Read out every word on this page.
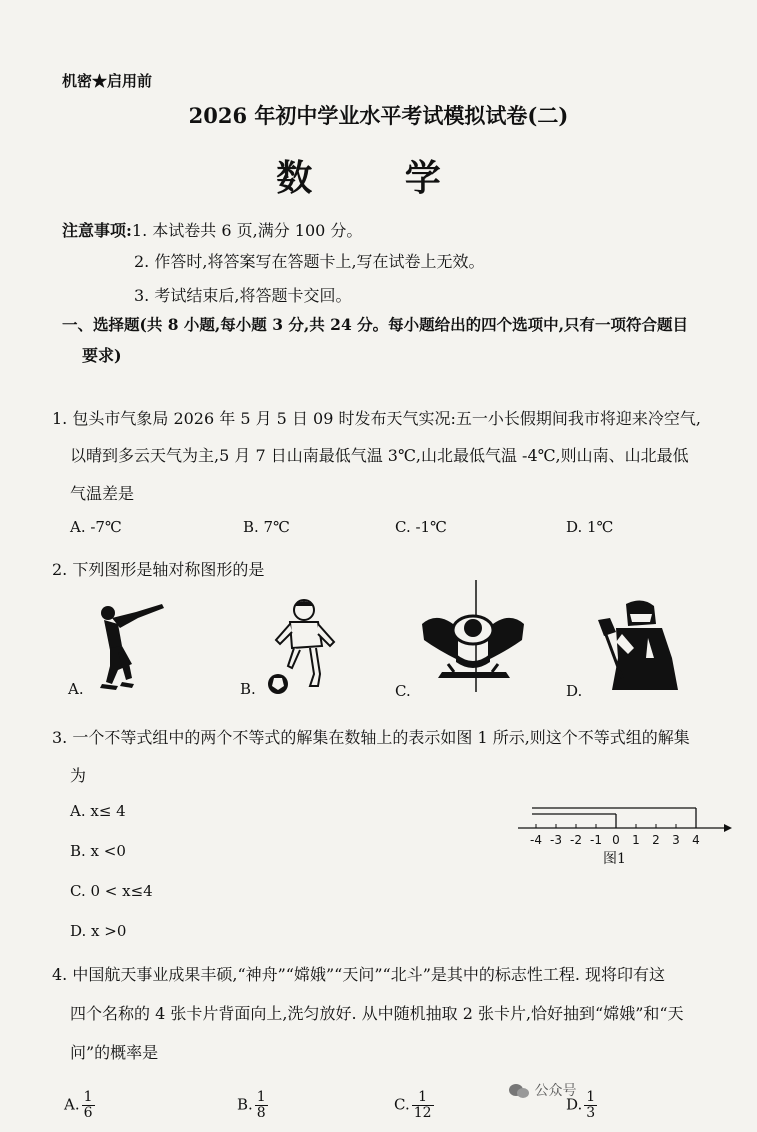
机密★启用前
2026 年初中学业水平考试模拟试卷(二)
数 学
注意事项:1. 本试卷共 6 页,满分 100 分。
2. 作答时,将答案写在答题卡上,写在试卷上无效。
3. 考试结束后,将答题卡交回。
一、选择题(共 8 小题,每小题 3 分,共 24 分。每小题给出的四个选项中,只有一项符合题目
要求)
1. 包头市气象局 2026 年 5 月 5 日 09 时发布天气实况:五一小长假期间我市将迎来冷空气,
以晴到多云天气为主,5 月 7 日山南最低气温 3℃,山北最低气温 -4℃,则山南、山北最低
气温差是
A. -7℃	B. 7℃	C. -1℃	D. 1℃
2. 下列图形是轴对称图形的是
A.	B.	C.	D.
3. 一个不等式组中的两个不等式的解集在数轴上的表示如图 1 所示,则这个不等式组的解集
为
A. x≤ 4
B. x <0
C. 0 < x≤4
D. x >0
-4 -3 -2 -1 0 1 2 3 4
图1
4. 中国航天事业成果丰硕,“神舟”“嫦娥”“天问”“北斗”是其中的标志性工程. 现将印有这
四个名称的 4 张卡片背面向上,洗匀放好. 从中随机抽取 2 张卡片,恰好抽到“嫦娥”和“天
问”的概率是
A. $\frac{1}{6}$	B. $\frac{1}{8}$	C. $\frac{1}{12}$	D. $\frac{1}{3}$
公众号
